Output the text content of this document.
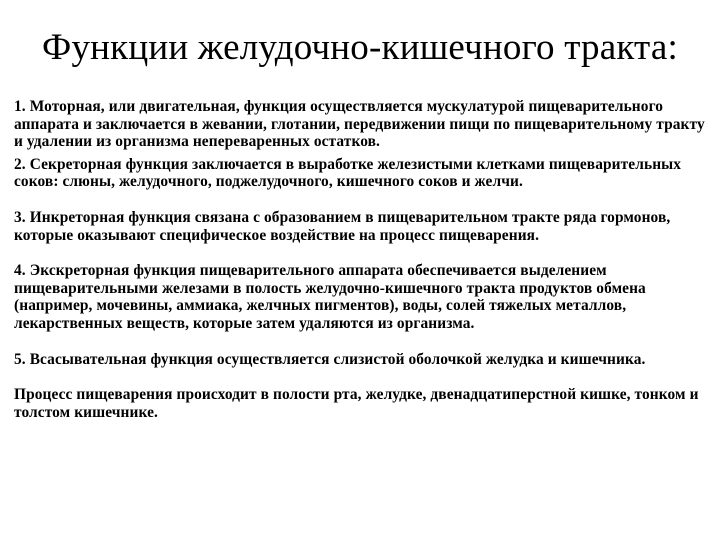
Функции желудочно-кишечного тракта:

1. Моторная, или двигательная, функция осуществляется мускулатурой пищеварительного аппарата и заключается в жевании, глотании, передвижении пищи по пищеварительному тракту и удалении из организма непереваренных остатков.

2. Секреторная функция заключается в выработке железистыми клетками пищеварительных соков: слюны, желудочного, поджелудочного, кишечного соков и желчи.

3. Инкреторная функция связана с образованием в пищеварительном тракте ряда гормонов, которые оказывают специфическое воздействие на процесс пищеварения.

4. Экскреторная функция пищеварительного аппарата обеспечивается выделением пищеварительными железами в полость желудочно-кишечного тракта продуктов обмена (например, мочевины, аммиака, желчных пигментов), воды, солей тяжелых металлов, лекарственных веществ, которые затем удаляются из организма.

5. Всасывательная функция осуществляется слизистой оболочкой желудка и кишечника.

Процесс пищеварения происходит в полости рта, желудке, двенадцатиперстной кишке, тонком и толстом кишечнике.
